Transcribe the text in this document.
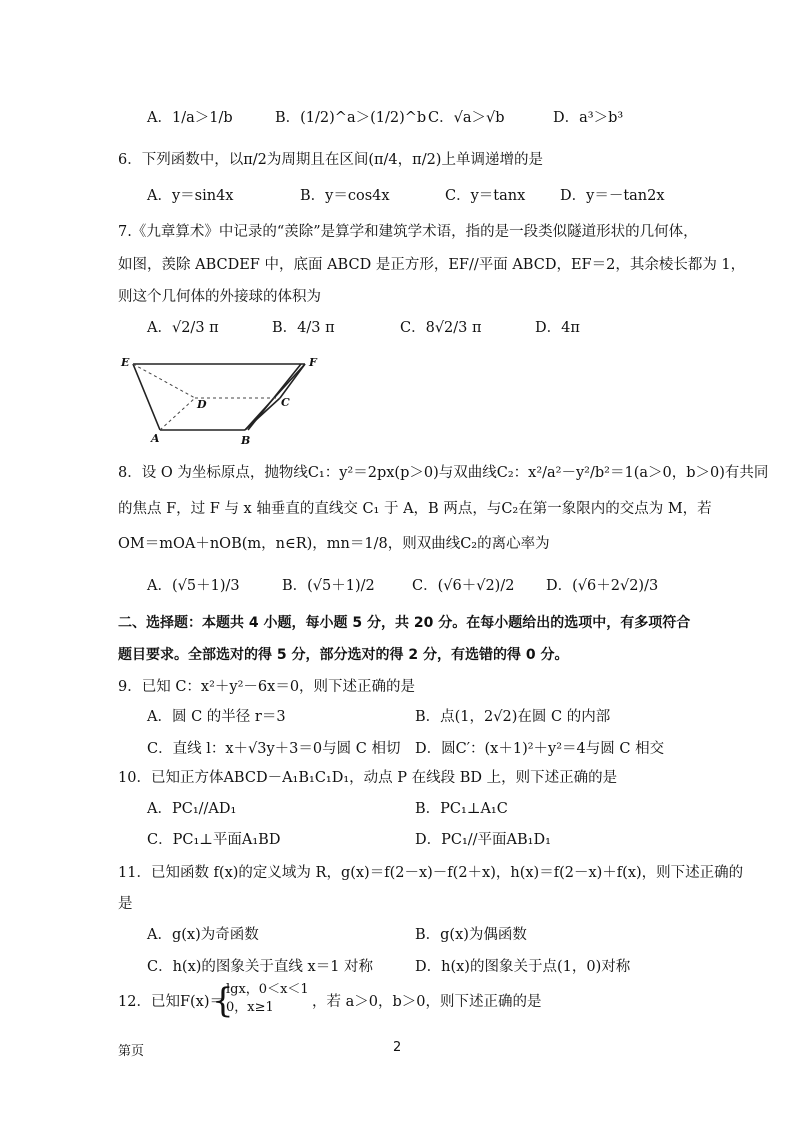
A．1/a＞1/b	B．(1/2)^a＞(1/2)^b C．√a＞√b	D．a³＞b³
6．下列函数中，以π/2为周期且在区间(π/4，π/2)上单调递增的是
A．y＝sin4x	B．y＝cos4x	C．y＝tanx D．y＝－tan2x
7.《九章算术》中记录的“羡除”是算学和建筑学术语，指的是一段类似隧道形状的几何体，
如图，羡除 ABCDEF 中，底面 ABCD 是正方形，EF//平面 ABCD，EF＝2，其余棱长都为 1，
则这个几何体的外接球的体积为
A．√2/3 π	B．4/3 π	C．8√2/3 π	D．4π
E	F
D	C
A	B
8．设 O 为坐标原点，抛物线C₁：y²＝2px(p＞0)与双曲线C₂：x²/a²－y²/b²＝1(a＞0，b＞0)有共同
的焦点 F，过 F 与 x 轴垂直的直线交 C₁ 于 A，B 两点，与C₂在第一象限内的交点为 M，若
OM＝mOA＋nOB(m，n∈R)，mn＝1/8，则双曲线C₂的离心率为
A．(√5＋1)/3	B．(√5＋1)/2	C．(√6＋√2)/2 D．(√6＋2√2)/3
二、选择题：本题共 4 小题，每小题 5 分，共 20 分。在每小题给出的选项中，有多项符合
题目要求。全部选对的得 5 分，部分选对的得 2 分，有选错的得 0 分。
9．已知 C：x²＋y²－6x＝0，则下述正确的是
A．圆 C 的半径 r＝3	B．点(1，2√2)在圆 C 的内部
C．直线 l：x＋√3y＋3＝0与圆 C 相切 D．圆C′：(x＋1)²＋y²＝4与圆 C 相交
10．已知正方体ABCD－A₁B₁C₁D₁，动点 P 在线段 BD 上，则下述正确的是
A．PC₁//AD₁	B．PC₁⊥A₁C
C．PC₁⊥平面A₁BD	D．PC₁//平面AB₁D₁
11．已知函数 f(x)的定义域为 R，g(x)＝f(2－x)－f(2＋x)，h(x)＝f(2－x)＋f(x)，则下述正确的
是
A．g(x)为奇函数	B．g(x)为偶函数
C．h(x)的图象关于直线 x＝1 对称	D．h(x)的图象关于点(1，0)对称
12．已知F(x)＝
{
lgx，0＜x＜1
0，x≥1	，若 a＞0，b＞0，则下述正确的是
第页	2
